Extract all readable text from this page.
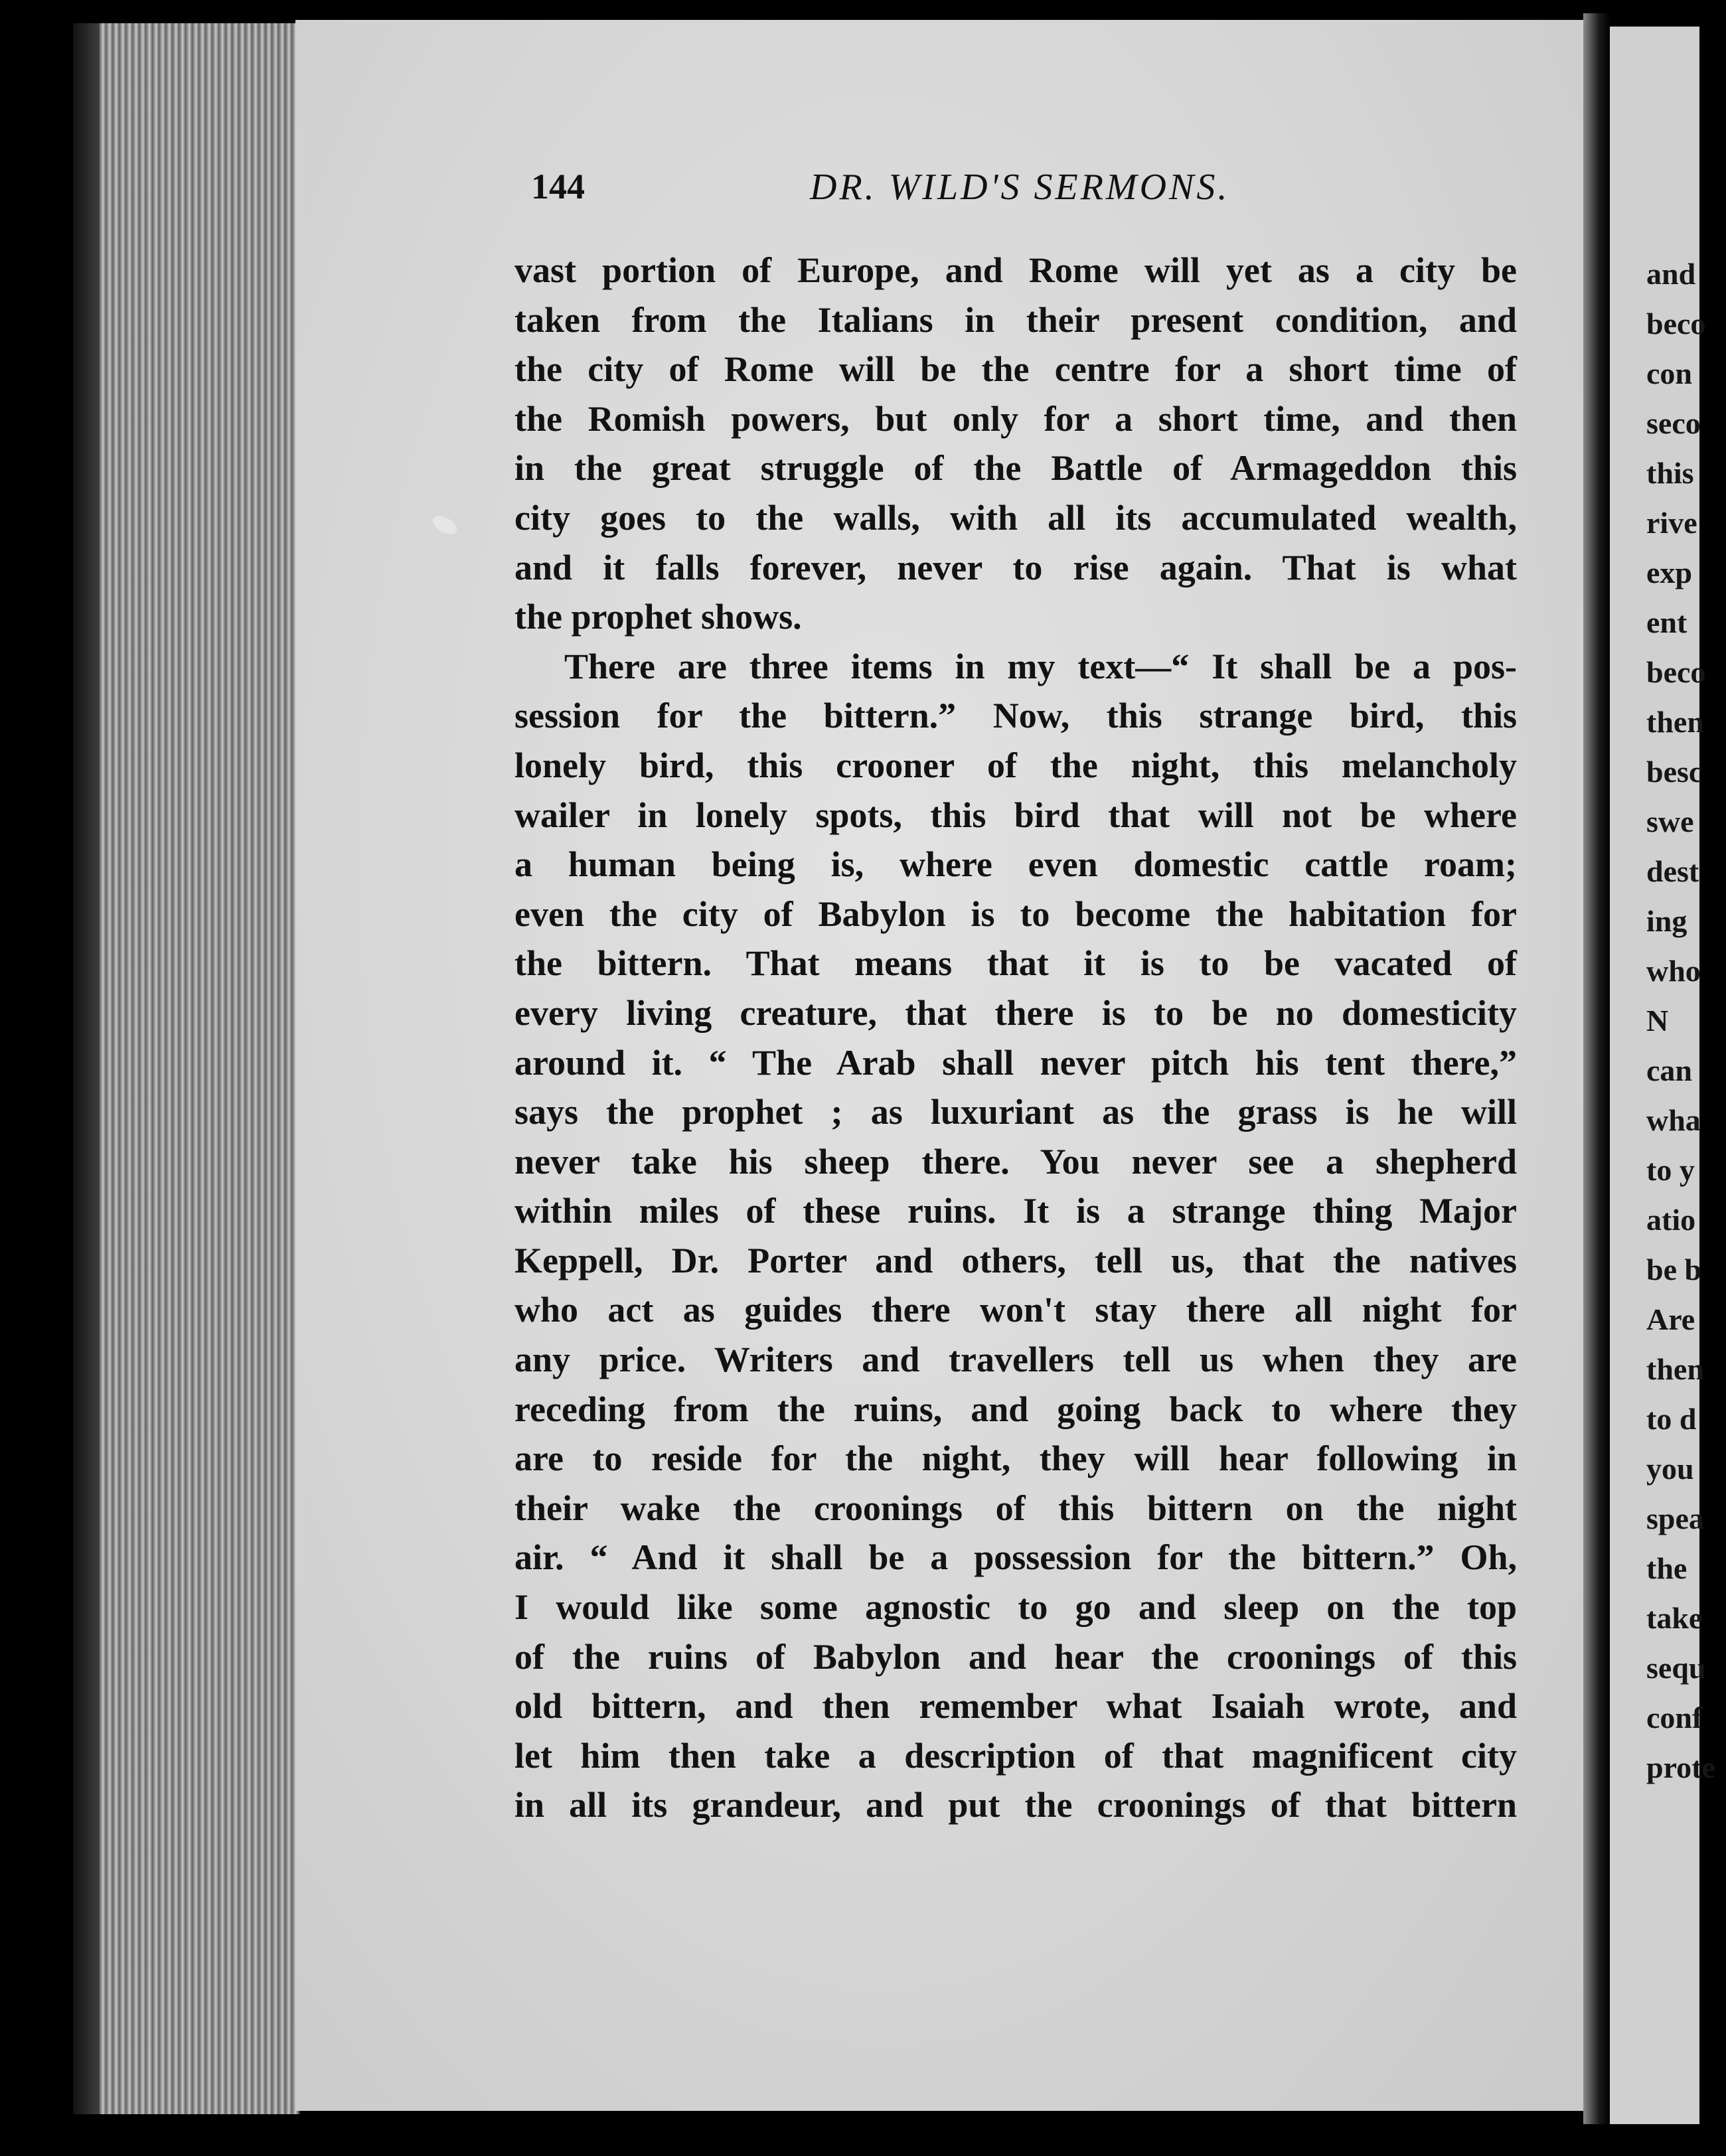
144	DR. WILD'S SERMONS.
vast portion of Europe, and Rome will yet as a city be
taken from the Italians in their present condition, and
the city of Rome will be the centre for a short time of
the Romish powers, but only for a short time, and then
in the great struggle of the Battle of Armageddon this
city goes to the walls, with all its accumulated wealth,
and it falls forever, never to rise again. That is what
the prophet shows.
There are three items in my text—“ It shall be a pos-
session for the bittern.” Now, this strange bird, this
lonely bird, this crooner of the night, this melancholy
wailer in lonely spots, this bird that will not be where
a human being is, where even domestic cattle roam;
even the city of Babylon is to become the habitation for
the bittern. That means that it is to be vacated of
every living creature, that there is to be no domesticity
around it. “ The Arab shall never pitch his tent there,”
says the prophet ; as luxuriant as the grass is he will
never take his sheep there. You never see a shepherd
within miles of these ruins. It is a strange thing Major
Keppell, Dr. Porter and others, tell us, that the natives
who act as guides there won't stay there all night for
any price. Writers and travellers tell us when they are
receding from the ruins, and going back to where they
are to reside for the night, they will hear following in
their wake the croonings of this bittern on the night
air. “ And it shall be a possession for the bittern.” Oh,
I would like some agnostic to go and sleep on the top
of the ruins of Babylon and hear the croonings of this
old bittern, and then remember what Isaiah wrote, and
let him then take a description of that magnificent city
in all its grandeur, and put the croonings of that bittern
and
beco
con
seco
this
rive
exp
ent
beco
then
besc
swe
dest
ing
who
N
can
wha
to y
atio
be b
Are
then
to d
you
spea
the
take
sequ
conf
prote
